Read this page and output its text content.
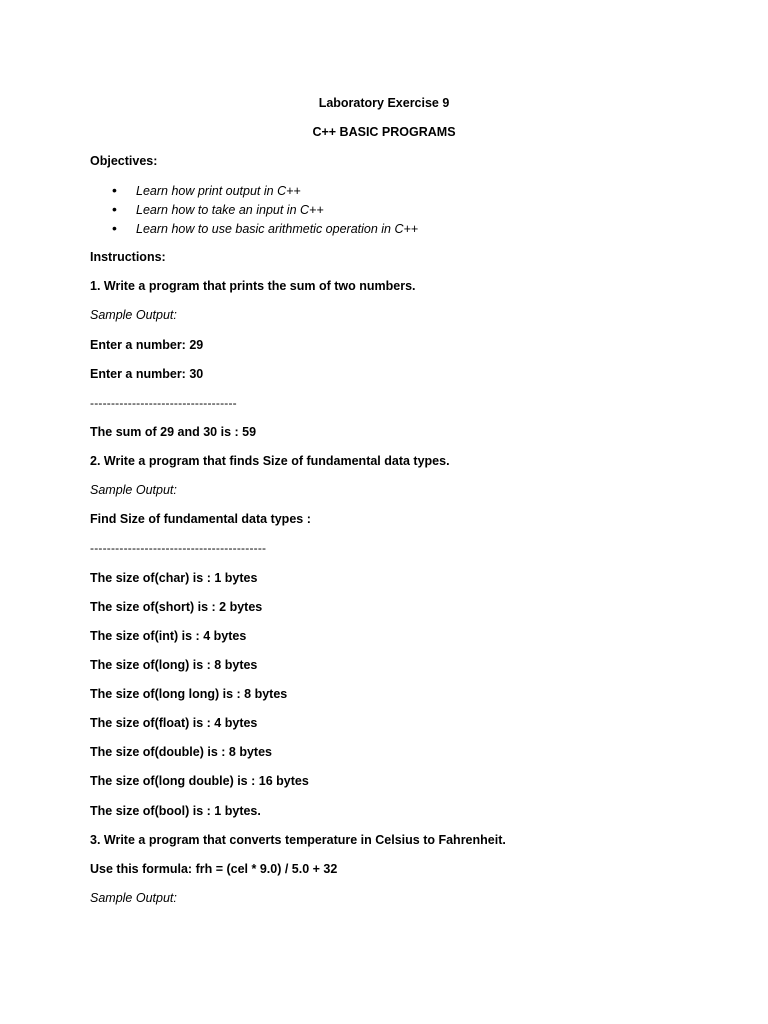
Laboratory Exercise 9
C++ BASIC PROGRAMS
Objectives:
• Learn how print output in C++
• Learn how to take an input in C++
• Learn how to use basic arithmetic operation in C++
Instructions:
1. Write a program that prints the sum of two numbers.
Sample Output:
Enter a number: 29
Enter a number: 30
-----------------------------------
The sum of 29 and 30 is : 59
2. Write a program that finds Size of fundamental data types.
Sample Output:
Find Size of fundamental data types :
------------------------------------------
The size of(char) is : 1 bytes
The size of(short) is : 2 bytes
The size of(int) is : 4 bytes
The size of(long) is : 8 bytes
The size of(long long) is : 8 bytes
The size of(float) is : 4 bytes
The size of(double) is : 8 bytes
The size of(long double) is : 16 bytes
The size of(bool) is : 1 bytes.
3. Write a program that converts temperature in Celsius to Fahrenheit.
Use this formula: frh = (cel * 9.0) / 5.0 + 32
Sample Output:
